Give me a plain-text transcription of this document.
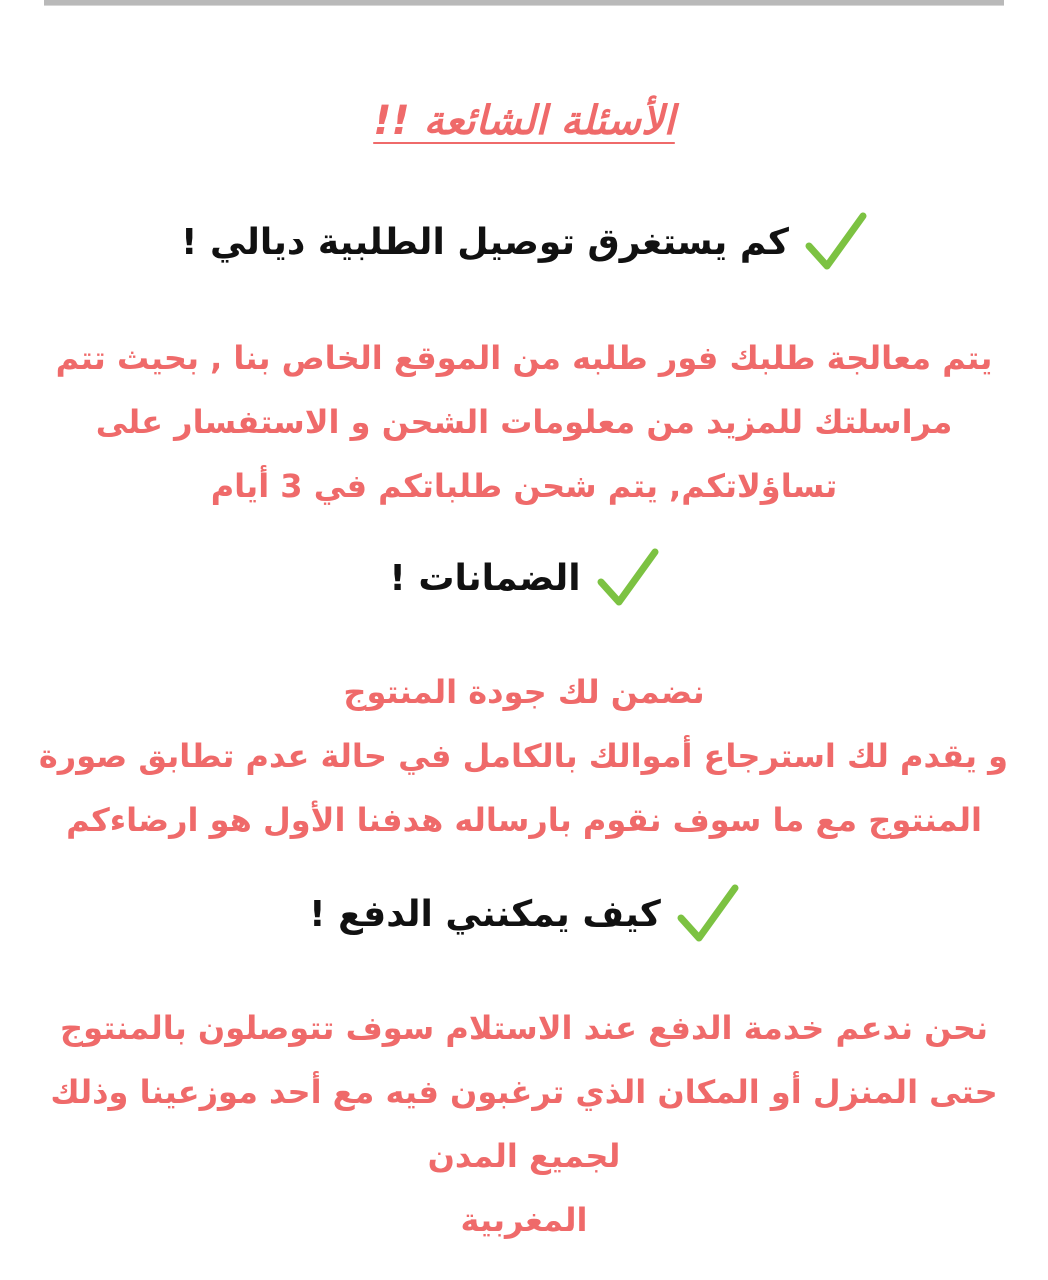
الأسئلة الشائعة !!
كم يستغرق توصيل الطلبية ديالي !
يتم معالجة طلبك فور طلبه من الموقع الخاص بنا , بحيث تتم
مراسلتك للمزيد من معلومات الشحن و الاستفسار على
تساؤلاتكم, يتم شحن طلباتكم في 3 أيام
الضمانات !
نضمن لك جودة المنتوج
و يقدم لك استرجاع أموالك بالكامل في حالة عدم تطابق صورة
المنتوج مع ما سوف نقوم بارساله هدفنا الأول هو ارضاءكم
كيف يمكنني الدفع !
نحن ندعم خدمة الدفع عند الاستلام سوف تتوصلون بالمنتوج
حتى المنزل أو المكان الذي ترغبون فيه مع أحد موزعينا وذلك
لجميع المدن
المغربية
